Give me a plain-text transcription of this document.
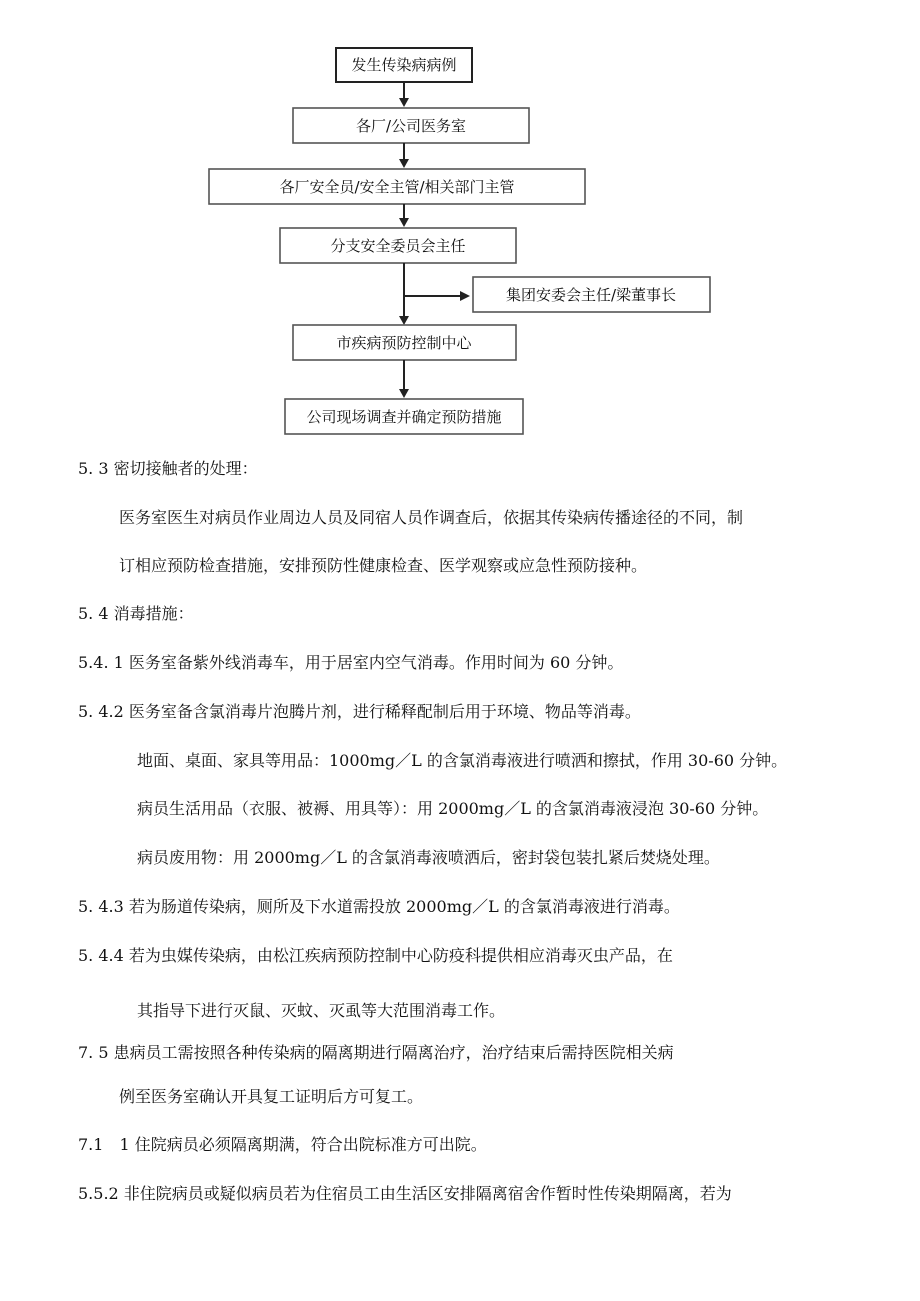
发生传染病病例
各厂/公司医务室
各厂安全员/安全主管/相关部门主管
分支安全委员会主任
集团安委会主任/梁董事长
市疾病预防控制中心
公司现场调查并确定预防措施
5. 3 密切接触者的处理：
医务室医生对病员作业周边人员及同宿人员作调查后，依据其传染病传播途径的不同，制
订相应预防检查措施，安排预防性健康检查、医学观察或应急性预防接种。
5. 4 消毒措施：
5.4. 1 医务室备紫外线消毒车，用于居室内空气消毒。作用时间为 60 分钟。
5. 4.2 医务室备含氯消毒片泡腾片剂，进行稀释配制后用于环境、物品等消毒。
地面、桌面、家具等用品：1000mg／L 的含氯消毒液进行喷洒和擦拭，作用 30-60 分钟。
病员生活用品（衣服、被褥、用具等）：用 2000mg／L 的含氯消毒液浸泡 30-60 分钟。
病员废用物：用 2000mg／L 的含氯消毒液喷洒后，密封袋包装扎紧后焚烧处理。
5. 4.3 若为肠道传染病，厕所及下水道需投放 2000mg／L 的含氯消毒液进行消毒。
5. 4.4 若为虫媒传染病，由松江疾病预防控制中心防疫科提供相应消毒灭虫产品，在
其指导下进行灭鼠、灭蚊、灭虱等大范围消毒工作。
7. 5 患病员工需按照各种传染病的隔离期进行隔离治疗，治疗结束后需持医院相关病
例至医务室确认开具复工证明后方可复工。
7.1　1 住院病员必须隔离期满，符合出院标准方可出院。
5.5.2 非住院病员或疑似病员若为住宿员工由生活区安排隔离宿舍作暂时性传染期隔离，若为
